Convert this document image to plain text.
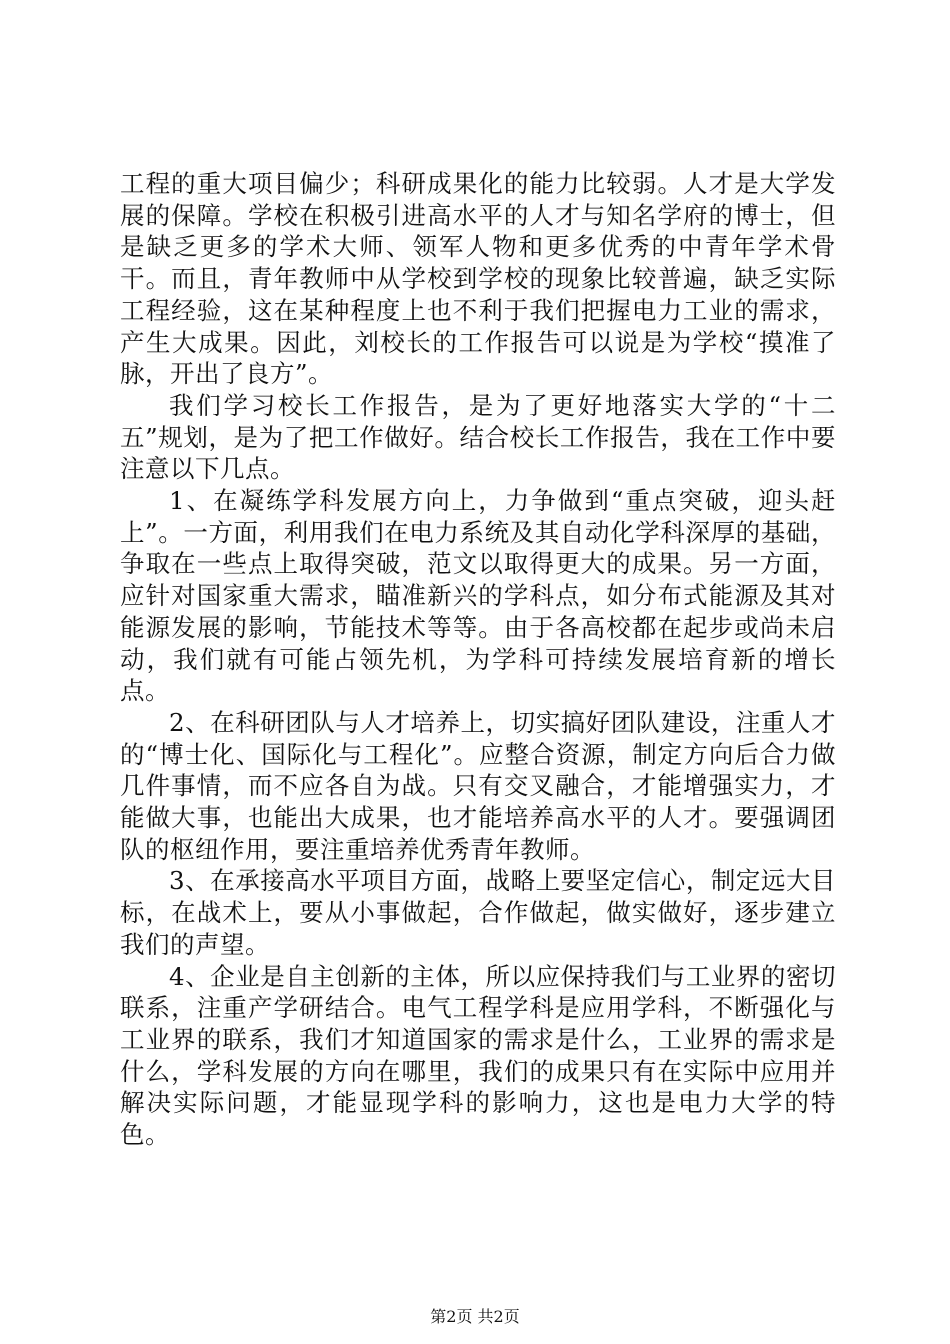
工程的重大项目偏少；科研成果化的能力比较弱。人才是大学发展的保障。学校在积极引进高水平的人才与知名学府的博士，但是缺乏更多的学术大师、领军人物和更多优秀的中青年学术骨干。而且，青年教师中从学校到学校的现象比较普遍，缺乏实际工程经验，这在某种程度上也不利于我们把握电力工业的需求，产生大成果。因此，刘校长的工作报告可以说是为学校“摸准了脉，开出了良方”。

我们学习校长工作报告，是为了更好地落实大学的“十二五”规划，是为了把工作做好。结合校长工作报告，我在工作中要注意以下几点。

1、在凝练学科发展方向上，力争做到“重点突破，迎头赶上”。一方面，利用我们在电力系统及其自动化学科深厚的基础，争取在一些点上取得突破，范文以取得更大的成果。另一方面，应针对国家重大需求，瞄准新兴的学科点，如分布式能源及其对能源发展的影响，节能技术等等。由于各高校都在起步或尚未启动，我们就有可能占领先机，为学科可持续发展培育新的增长点。

2、在科研团队与人才培养上，切实搞好团队建设，注重人才的“博士化、国际化与工程化”。应整合资源，制定方向后合力做几件事情，而不应各自为战。只有交叉融合，才能增强实力，才能做大事，也能出大成果，也才能培养高水平的人才。要强调团队的枢纽作用，要注重培养优秀青年教师。

3、在承接高水平项目方面，战略上要坚定信心，制定远大目标，在战术上，要从小事做起，合作做起，做实做好，逐步建立我们的声望。

4、企业是自主创新的主体，所以应保持我们与工业界的密切联系，注重产学研结合。电气工程学科是应用学科，不断强化与工业界的联系，我们才知道国家的需求是什么，工业界的需求是什么，学科发展的方向在哪里，我们的成果只有在实际中应用并解决实际问题，才能显现学科的影响力，这也是电力大学的特色。

第2页 共2页
